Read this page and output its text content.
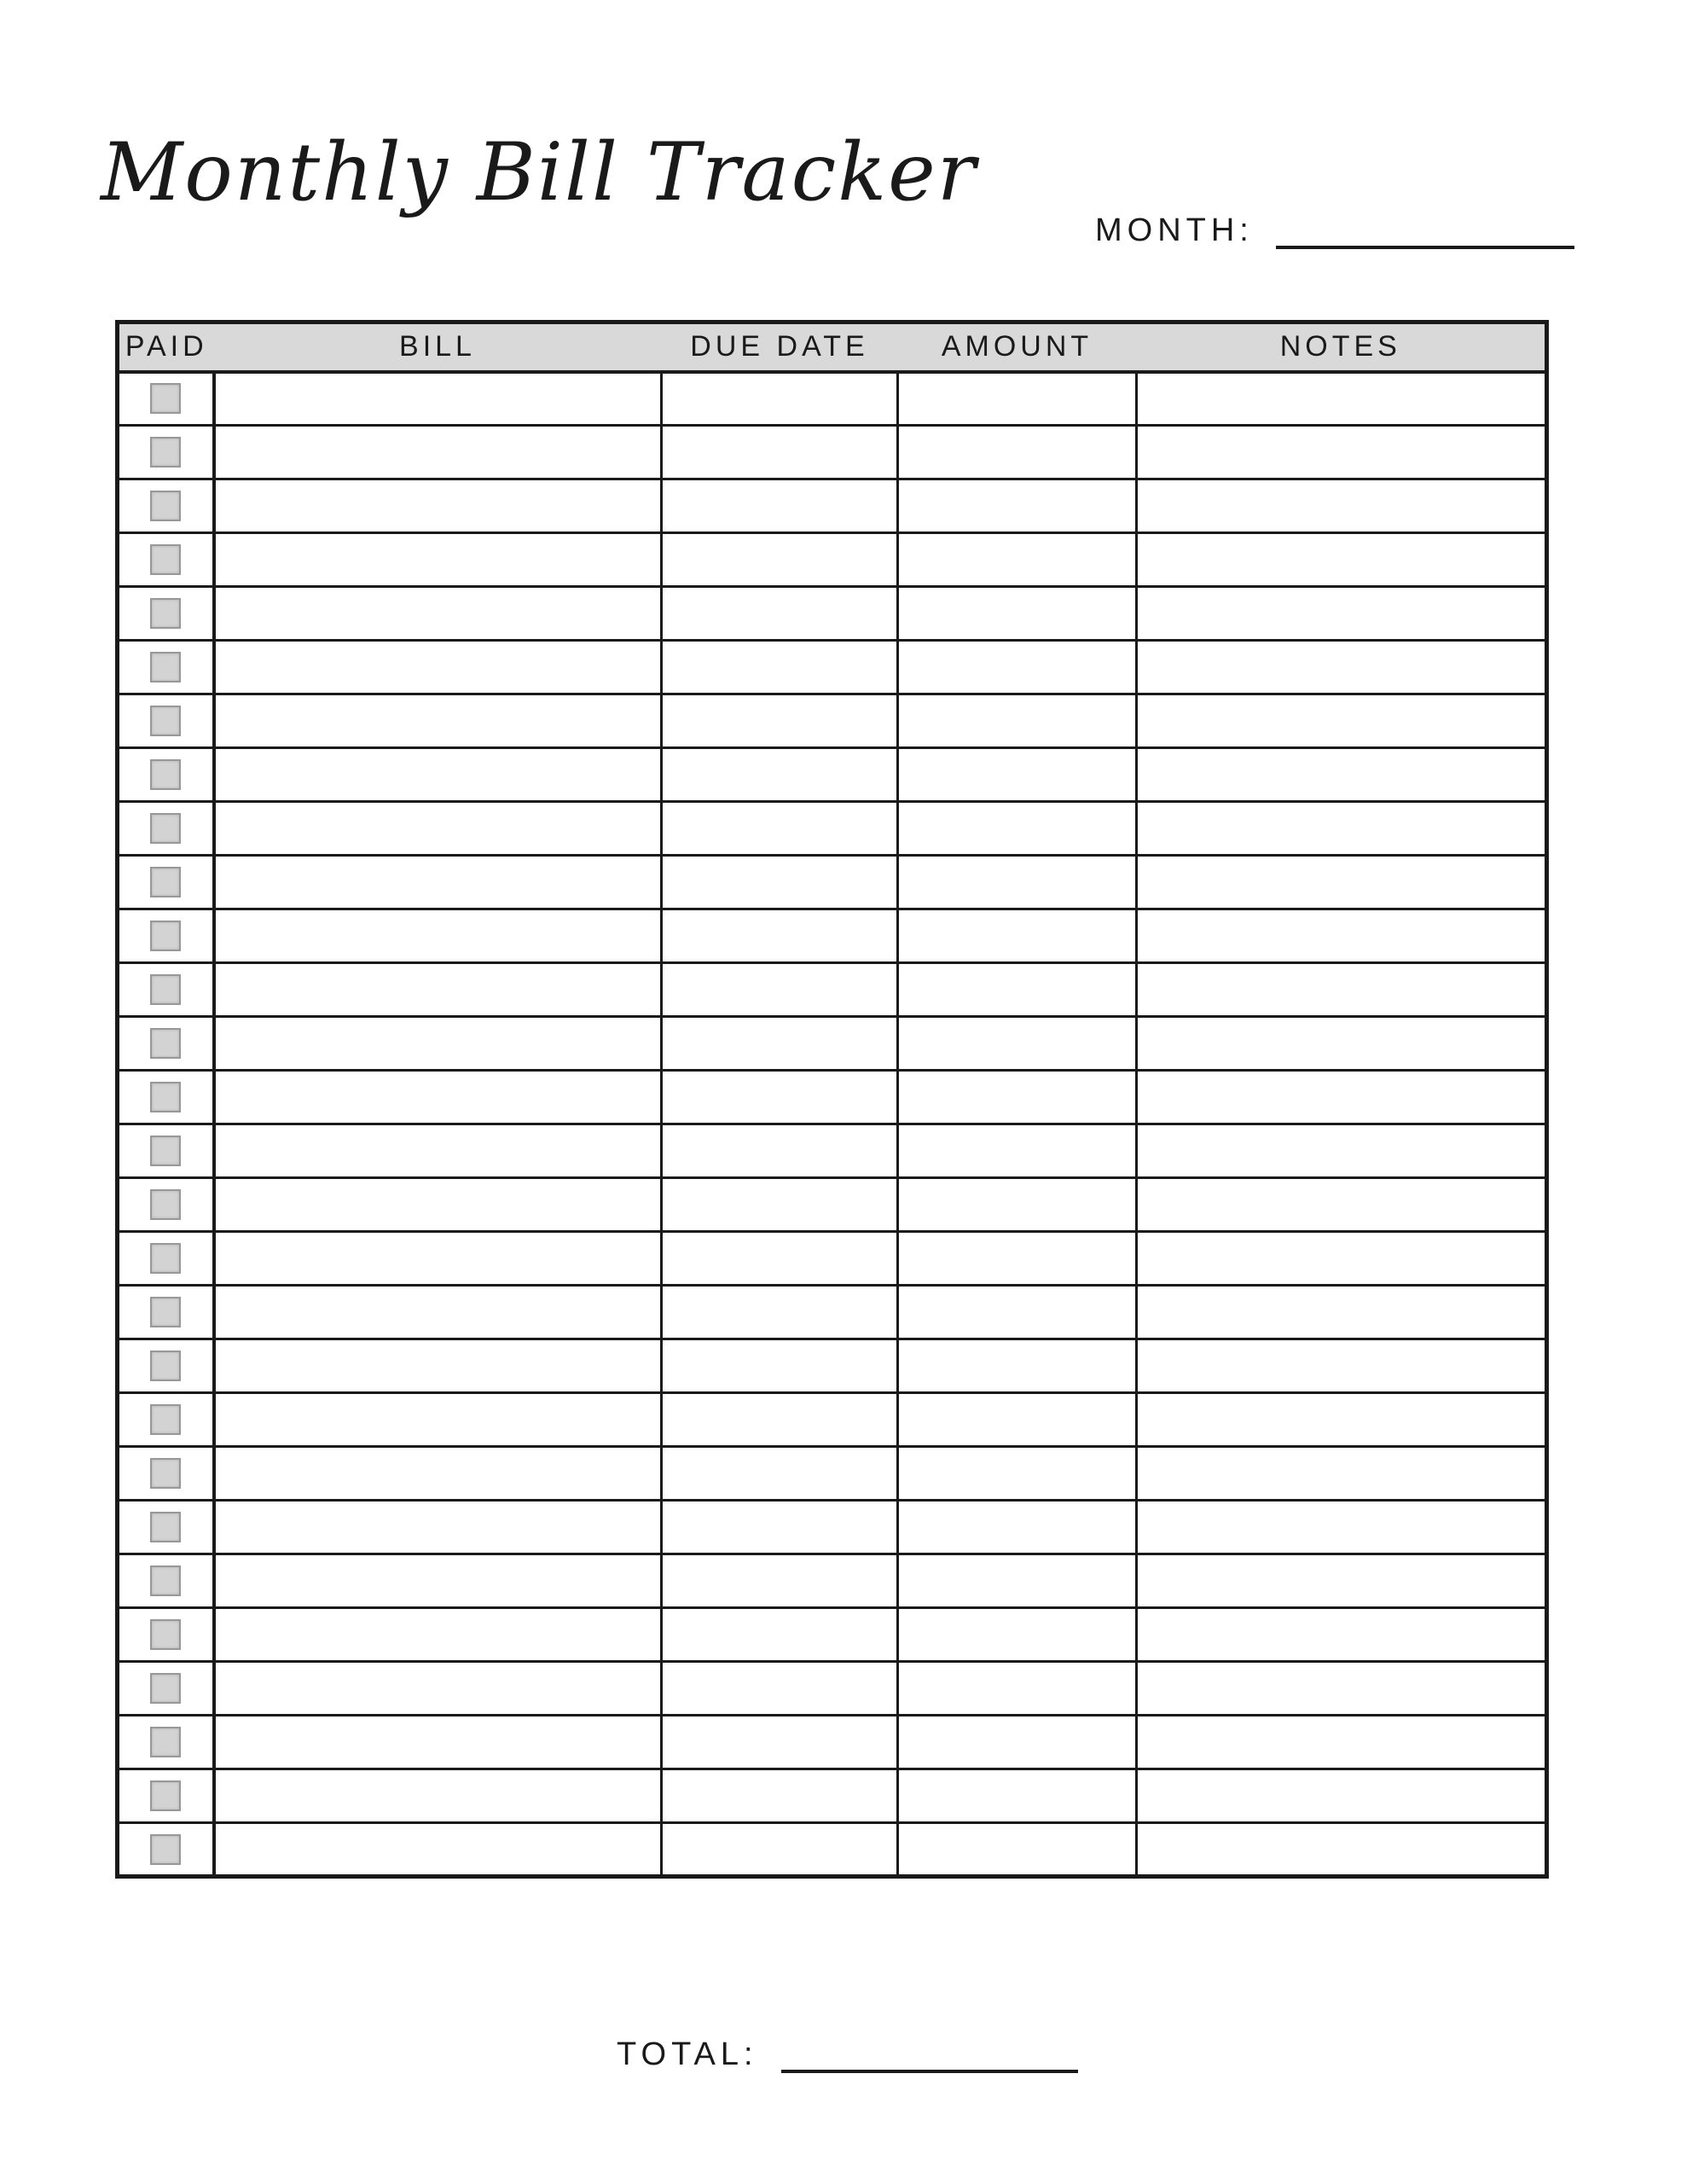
Monthly Bill Tracker
MONTH:
PAID	BILL	DUE DATE	AMOUNT	NOTES

TOTAL:
